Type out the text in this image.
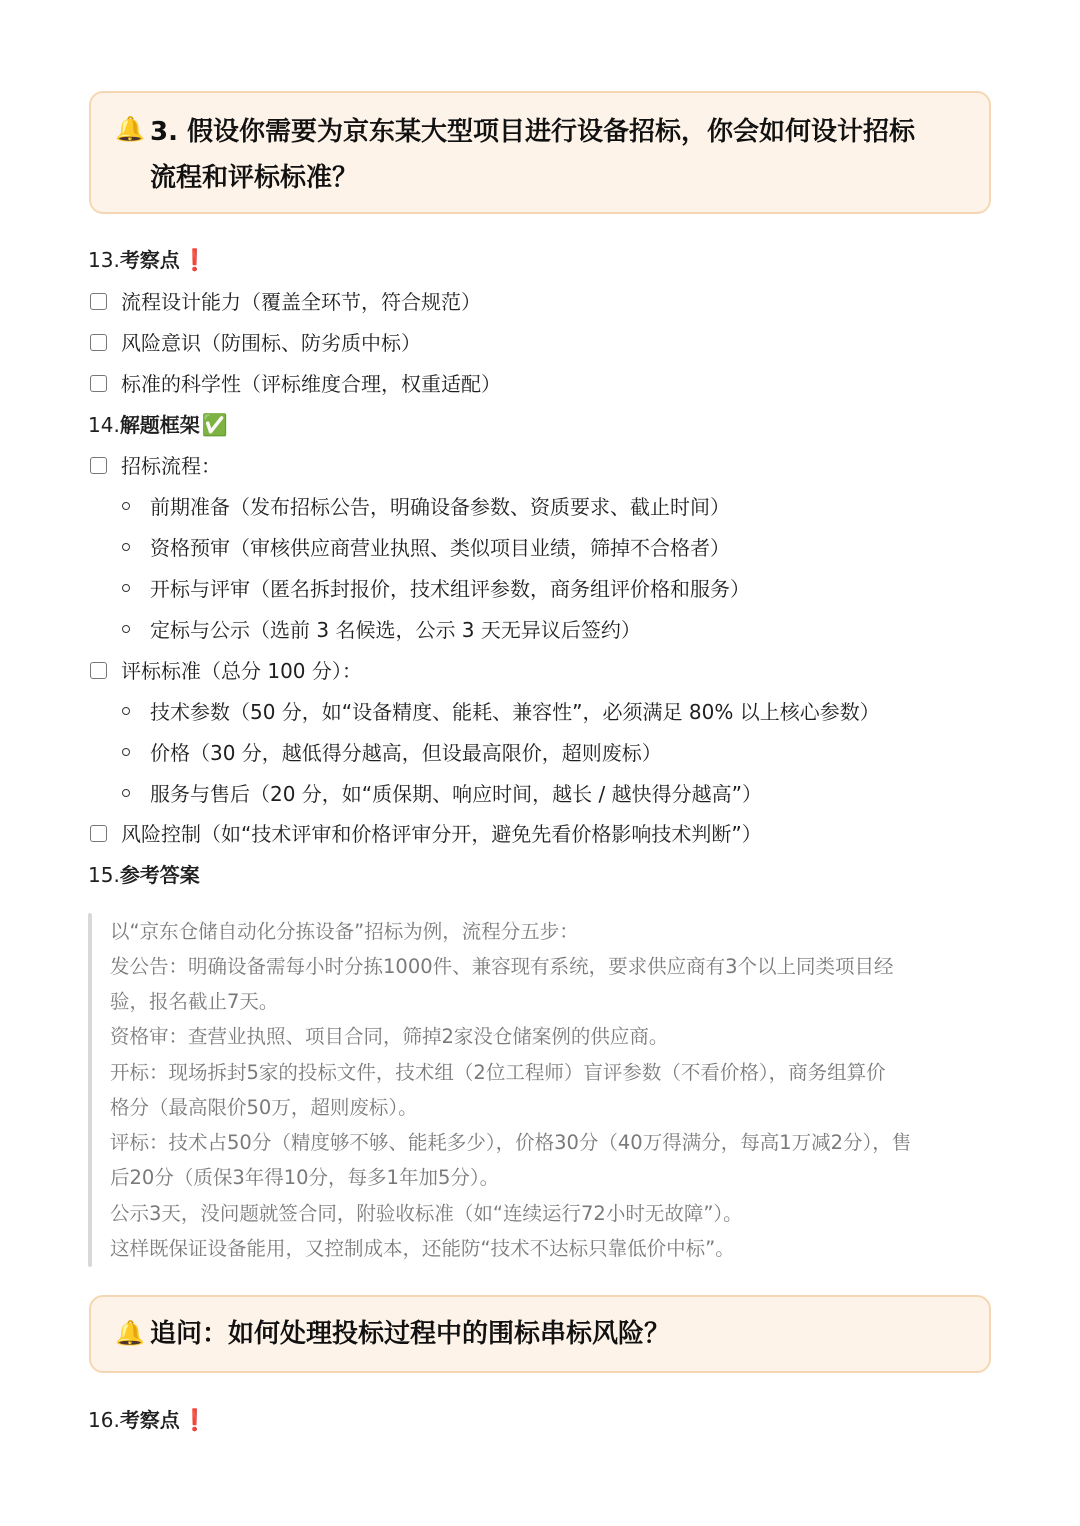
🔔 3. 假设你需要为京东某大型项目进行设备招标，你会如何设计招标
流程和评标标准？
13.考察点❗
流程设计能力（覆盖全环节，符合规范）
风险意识（防围标、防劣质中标）
标准的科学性（评标维度合理，权重适配）
14.解题框架✅
招标流程：
前期准备（发布招标公告，明确设备参数、资质要求、截止时间）
资格预审（审核供应商营业执照、类似项目业绩，筛掉不合格者）
开标与评审（匿名拆封报价，技术组评参数，商务组评价格和服务）
定标与公示（选前 3 名候选，公示 3 天无异议后签约）
评标标准（总分 100 分）：
技术参数（50 分，如“设备精度、能耗、兼容性”，必须满足 80% 以上核心参数）
价格（30 分，越低得分越高，但设最高限价，超则废标）
服务与售后（20 分，如“质保期、响应时间，越长 / 越快得分越高”）
风险控制（如“技术评审和价格评审分开，避免先看价格影响技术判断”）
15.参考答案
以“京东仓储自动化分拣设备”招标为例，流程分五步：
发公告：明确设备需每小时分拣1000件、兼容现有系统，要求供应商有3个以上同类项目经
验，报名截止7天。
资格审：查营业执照、项目合同，筛掉2家没仓储案例的供应商。
开标：现场拆封5家的投标文件，技术组（2位工程师）盲评参数（不看价格），商务组算价
格分（最高限价50万，超则废标）。
评标：技术占50分（精度够不够、能耗多少），价格30分（40万得满分，每高1万减2分），售
后20分（质保3年得10分，每多1年加5分）。
公示3天，没问题就签合同，附验收标准（如“连续运行72小时无故障”）。
这样既保证设备能用，又控制成本，还能防“技术不达标只靠低价中标”。
🔔 追问：如何处理投标过程中的围标串标风险？
16.考察点❗
